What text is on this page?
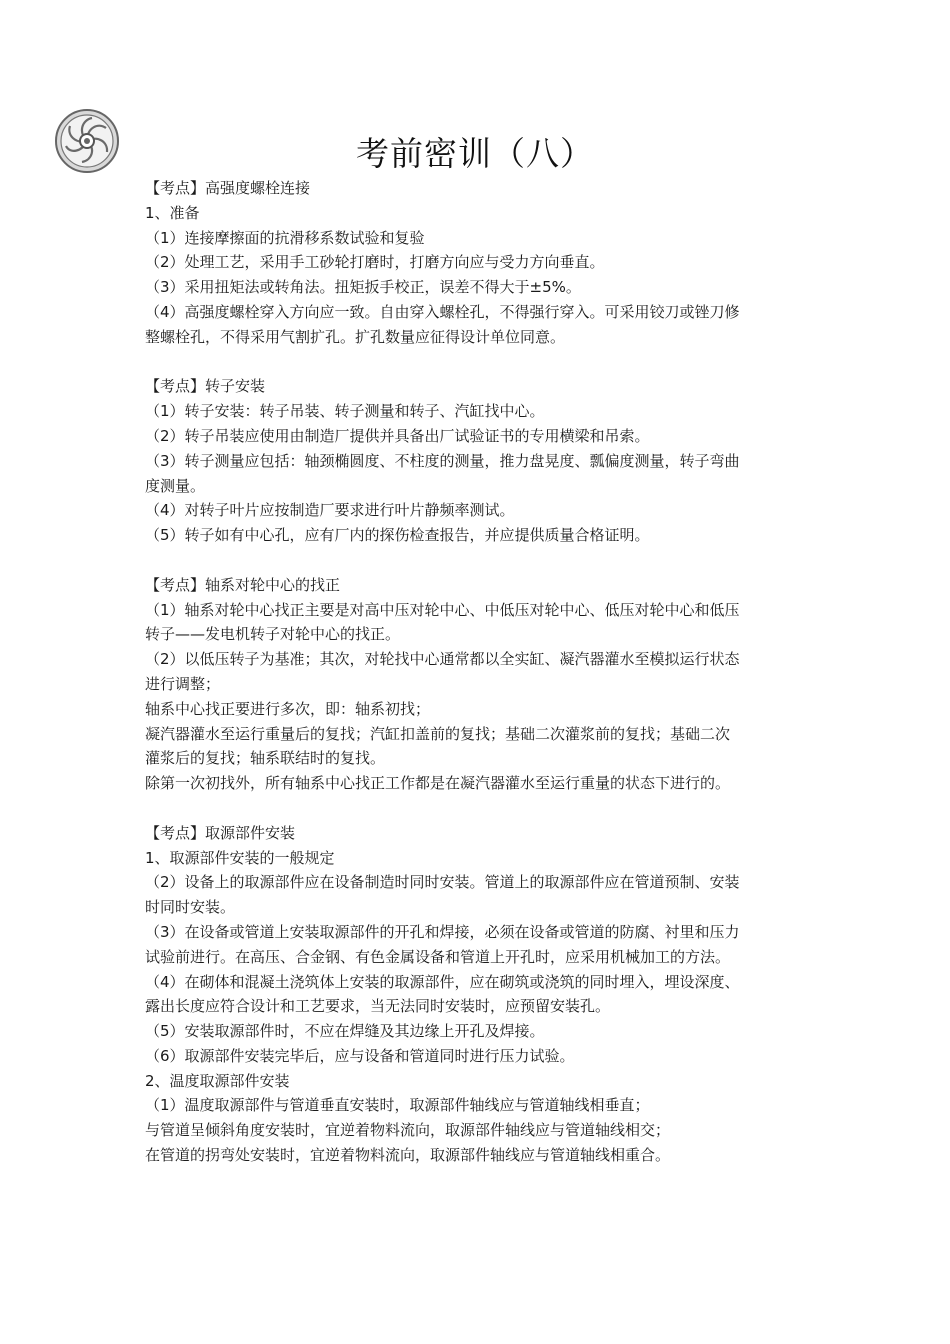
考前密训（八）
【考点】高强度螺栓连接
1、准备
（1）连接摩擦面的抗滑移系数试验和复验
（2）处理工艺，采用手工砂轮打磨时，打磨方向应与受力方向垂直。
（3）采用扭矩法或转角法。扭矩扳手校正，误差不得大于±5%。
（4）高强度螺栓穿入方向应一致。自由穿入螺栓孔，不得强行穿入。可采用铰刀或锉刀修
整螺栓孔，不得采用气割扩孔。扩孔数量应征得设计单位同意。
【考点】转子安装
（1）转子安装：转子吊装、转子测量和转子、汽缸找中心。
（2）转子吊装应使用由制造厂提供并具备出厂试验证书的专用横梁和吊索。
（3）转子测量应包括：轴颈椭圆度、不柱度的测量，推力盘晃度、瓢偏度测量，转子弯曲
度测量。
（4）对转子叶片应按制造厂要求进行叶片静频率测试。
（5）转子如有中心孔，应有厂内的探伤检查报告，并应提供质量合格证明。
【考点】轴系对轮中心的找正
（1）轴系对轮中心找正主要是对高中压对轮中心、中低压对轮中心、低压对轮中心和低压
转子——发电机转子对轮中心的找正。
（2）以低压转子为基准；其次，对轮找中心通常都以全实缸、凝汽器灌水至模拟运行状态
进行调整；
轴系中心找正要进行多次，即：轴系初找；
凝汽器灌水至运行重量后的复找；汽缸扣盖前的复找；基础二次灌浆前的复找；基础二次
灌浆后的复找；轴系联结时的复找。
除第一次初找外，所有轴系中心找正工作都是在凝汽器灌水至运行重量的状态下进行的。
【考点】取源部件安装
1、取源部件安装的一般规定
（2）设备上的取源部件应在设备制造时同时安装。管道上的取源部件应在管道预制、安装
时同时安装。
（3）在设备或管道上安装取源部件的开孔和焊接，必须在设备或管道的防腐、衬里和压力
试验前进行。在高压、合金钢、有色金属设备和管道上开孔时，应采用机械加工的方法。
（4）在砌体和混凝土浇筑体上安装的取源部件，应在砌筑或浇筑的同时埋入，埋设深度、
露出长度应符合设计和工艺要求，当无法同时安装时，应预留安装孔。
（5）安装取源部件时，不应在焊缝及其边缘上开孔及焊接。
（6）取源部件安装完毕后，应与设备和管道同时进行压力试验。
2、温度取源部件安装
（1）温度取源部件与管道垂直安装时，取源部件轴线应与管道轴线相垂直；
与管道呈倾斜角度安装时，宜逆着物料流向，取源部件轴线应与管道轴线相交；
在管道的拐弯处安装时，宜逆着物料流向，取源部件轴线应与管道轴线相重合。
